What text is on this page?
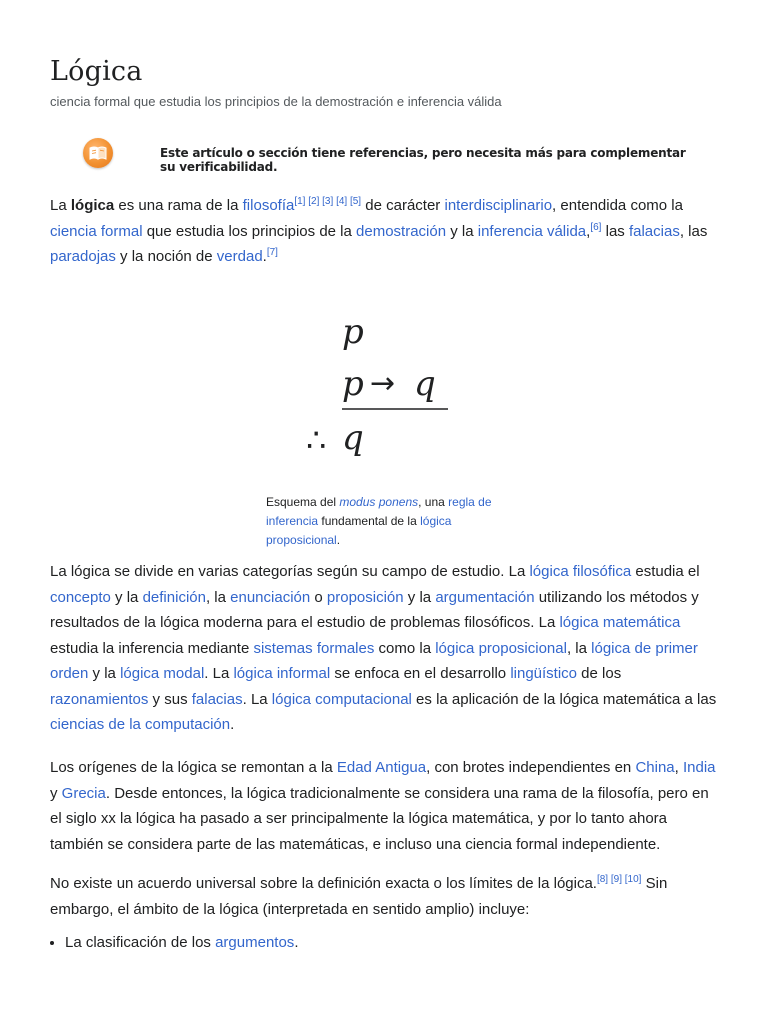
Lógica
ciencia formal que estudia los principios de la demostración e inferencia válida
Este artículo o sección tiene referencias, pero necesita más para complementar su verificabilidad.

La lógica es una rama de la filosofía[1] [2] [3] [4] [5] de carácter interdisciplinario, entendida como la ciencia formal que estudia los principios de la demostración y la inferencia válida,[6] las falacias, las paradojas y la noción de verdad.[7]

p
p q
q
→
∴
Esquema del modus ponens, una regla de inferencia fundamental de la lógica proposicional.

La lógica se divide en varias categorías según su campo de estudio. La lógica filosófica estudia el concepto y la definición, la enunciación o proposición y la argumentación utilizando los métodos y resultados de la lógica moderna para el estudio de problemas filosóficos. La lógica matemática estudia la inferencia mediante sistemas formales como la lógica proposicional, la lógica de primer orden y la lógica modal. La lógica informal se enfoca en el desarrollo lingüístico de los razonamientos y sus falacias. La lógica computacional es la aplicación de la lógica matemática a las ciencias de la computación.

Los orígenes de la lógica se remontan a la Edad Antigua, con brotes independientes en China, India y Grecia. Desde entonces, la lógica tradicionalmente se considera una rama de la filosofía, pero en el siglo xx la lógica ha pasado a ser principalmente la lógica matemática, y por lo tanto ahora también se considera parte de las matemáticas, e incluso una ciencia formal independiente.

No existe un acuerdo universal sobre la definición exacta o los límites de la lógica.[8] [9] [10] Sin embargo, el ámbito de la lógica (interpretada en sentido amplio) incluye:

• La clasificación de los argumentos.
